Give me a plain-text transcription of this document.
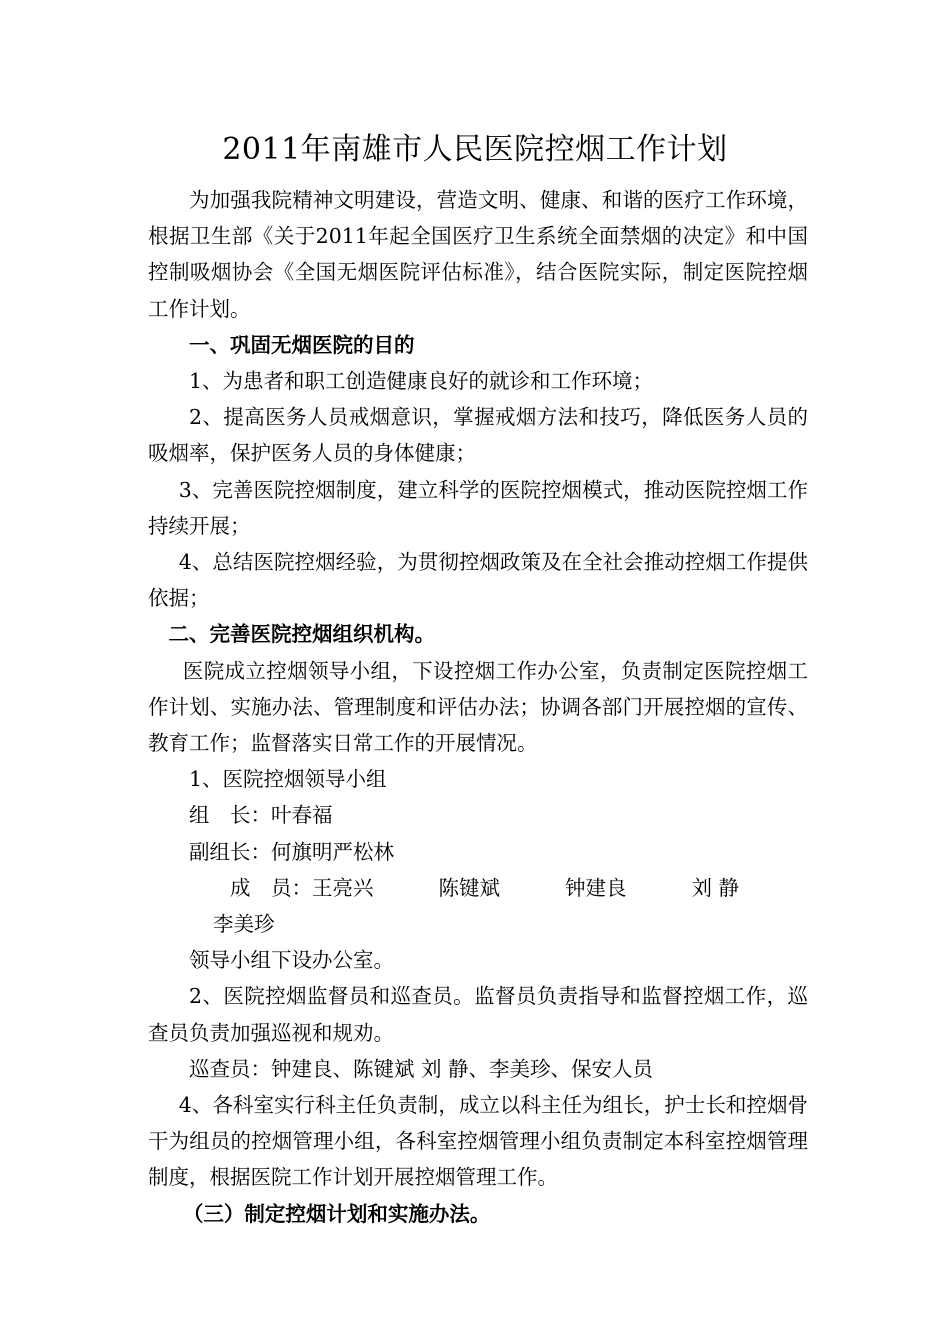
2011年南雄市人民医院控烟工作计划

为加强我院精神文明建设，营造文明、健康、和谐的医疗工作环境，根据卫生部《关于2011年起全国医疗卫生系统全面禁烟的决定》和中国控制吸烟协会《全国无烟医院评估标准》，结合医院实际，制定医院控烟工作计划。

一、巩固无烟医院的目的

1、为患者和职工创造健康良好的就诊和工作环境；

2、提高医务人员戒烟意识，掌握戒烟方法和技巧，降低医务人员的吸烟率，保护医务人员的身体健康；

3、完善医院控烟制度，建立科学的医院控烟模式，推动医院控烟工作持续开展；

4、总结医院控烟经验，为贯彻控烟政策及在全社会推动控烟工作提供依据；

二、完善医院控烟组织机构。

医院成立控烟领导小组，下设控烟工作办公室，负责制定医院控烟工作计划、实施办法、管理制度和评估办法；协调各部门开展控烟的宣传、教育工作；监督落实日常工作的开展情况。

1、医院控烟领导小组

组　长：叶春福

副组长：何旗明严松林

成　员：王亮兴	陈键斌	钟建良	刘 静李美珍

领导小组下设办公室。

2、医院控烟监督员和巡查员。监督员负责指导和监督控烟工作，巡查员负责加强巡视和规劝。

巡查员：钟建良、陈键斌 刘 静、李美珍、保安人员

4、各科室实行科主任负责制，成立以科主任为组长，护士长和控烟骨干为组员的控烟管理小组，各科室控烟管理小组负责制定本科室控烟管理制度，根据医院工作计划开展控烟管理工作。

（三）制定控烟计划和实施办法。
